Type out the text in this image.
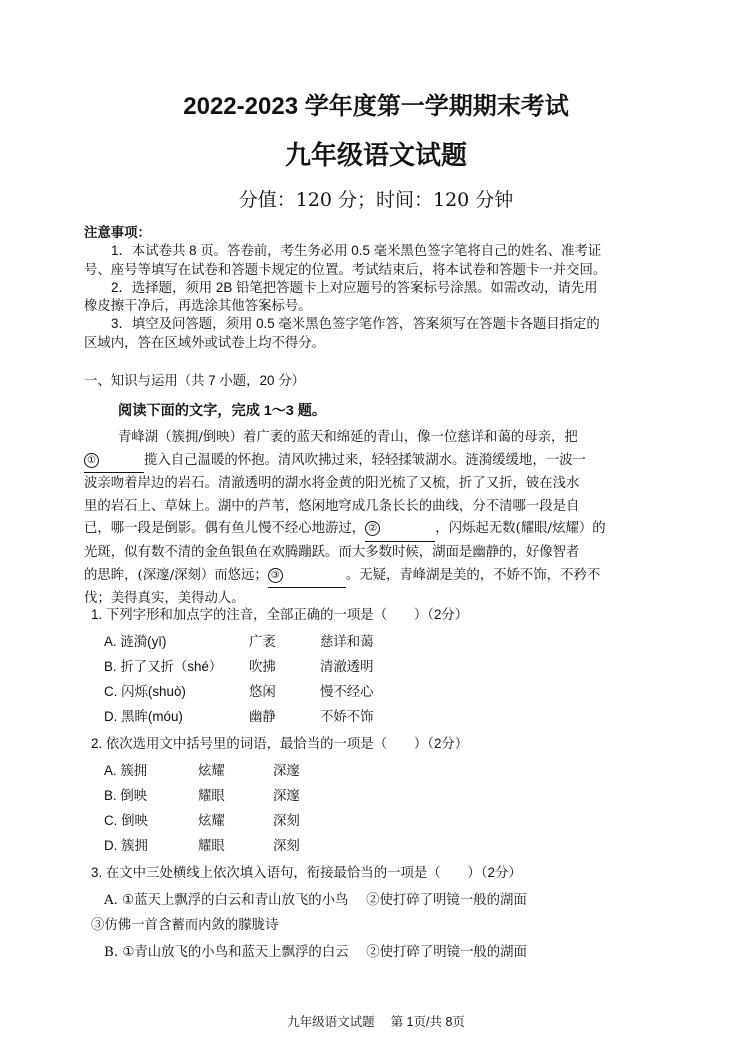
2022-2023 学年度第一学期期末考试
九年级语文试题
分值：120 分；时间：120 分钟
注意事项：
1．本试卷共 8 页。答卷前，考生务必用 0.5 毫米黑色签字笔将自己的姓名、准考证
号、座号等填写在试卷和答题卡规定的位置。考试结束后，将本试卷和答题卡一并交回。
2．选择题，须用 2B 铅笔把答题卡上对应题号的答案标号涂黑。如需改动，请先用
橡皮擦干净后，再选涂其他答案标号。
3．填空及问答题，须用 0.5 毫米黑色签字笔作答，答案须写在答题卡各题目指定的
区域内，答在区域外或试卷上均不得分。
一、知识与运用（共 7 小题，20 分）
阅读下面的文字，完成 1～3 题。
青峰湖（簇拥/倒映）着广袤的蓝天和绵延的青山，像一位慈详和蔼的母亲，把
①	揽入自己温暖的怀抱。清风吹拂过来，轻轻揉皱湖水。涟漪缓缓地，一波一
波亲吻着岸边的岩石。清澈透明的湖水将金黄的阳光梳了又梳，折了又折，铍在浅水
里的岩石上、草妹上。湖中的芦苇，悠闲地穹成几条长长的曲线，分不清哪一段是自
已，哪一段是倒影。偶有鱼儿慢不经心地游过， ②	，闪烁起无数(耀眼/炫耀）的
光斑，似有数不清的金鱼银鱼在欢腾蹦跃。而大多数时候，湖面是幽静的，好像智者
的思眸，(深邃/深刻）而悠远； ③	。无疑，青峰湖是美的，不娇不饰，不矜不
伐；美得真实，美得动人。
1. 下列字形和加点字的注音，全部正确的一项是（　　）（2分）
A. 涟漪(yī)	广袤	慈详和蔼
B. 折了又折（shé） 吹拂	清澈透明
C. 闪烁(shuò)	悠闲	慢不经心
D. 黑眸(móu)	幽静	不娇不饰
2. 依次选用文中括号里的词语，最恰当的一项是（　　）（2分）
A. 簇拥	炫耀	深邃
B. 倒映	耀眼	深邃
C. 倒映	炫耀	深刻
D. 簇拥	耀眼	深刻
3. 在文中三处横线上依次填入语句，衔接最恰当的一项是（　　）（2分）
A. ①蓝天上飘浮的白云和青山放飞的小鸟　 ②使打碎了明镜一般的湖面
③仿佛一首含蓄而内敛的朦胧诗
B. ①青山放飞的小鸟和蓝天上飘浮的白云　 ②使打碎了明镜一般的湖面
九年级语文试题　 第 1页/共 8页
